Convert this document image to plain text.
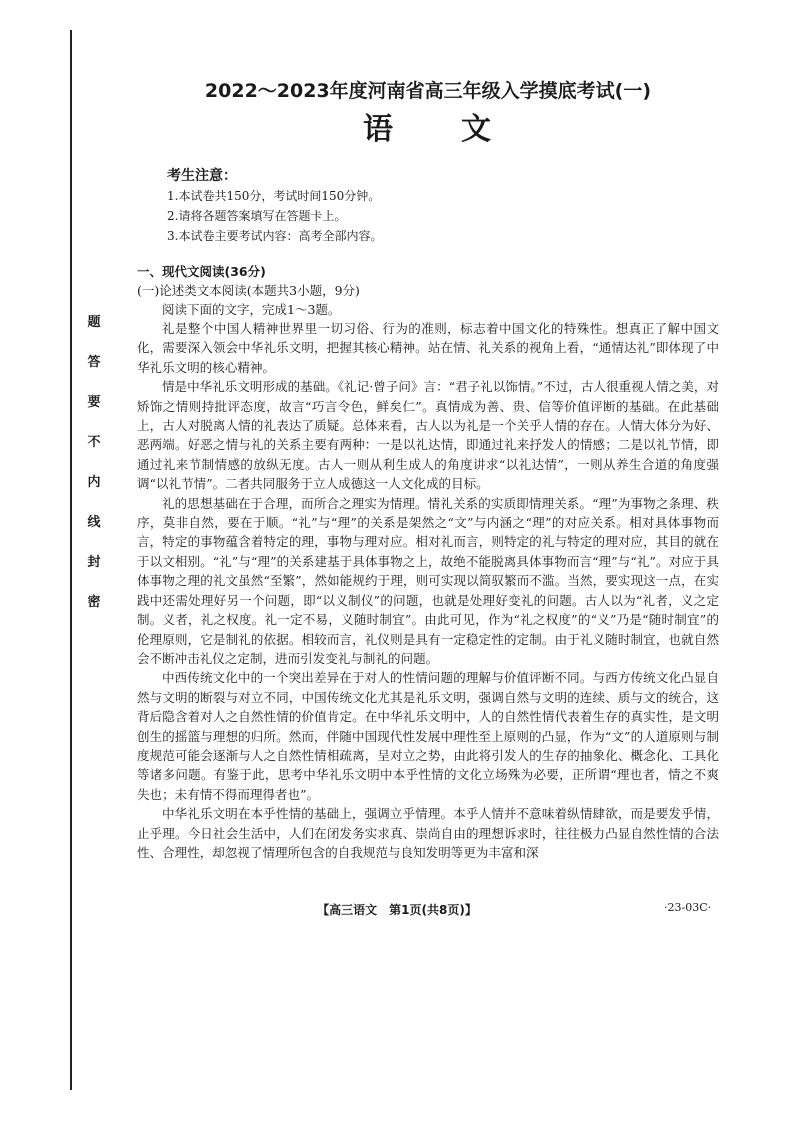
题
答
要
不
内
线
封
密
2022～2023年度河南省高三年级入学摸底考试(一)
语文
考生注意：
1.本试卷共150分，考试时间150分钟。
2.请将各题答案填写在答题卡上。
3.本试卷主要考试内容：高考全部内容。
一、现代文阅读(36分)
(一)论述类文本阅读(本题共3小题，9分)
阅读下面的文字，完成1～3题。

礼是整个中国人精神世界里一切习俗、行为的准则，标志着中国文化的特殊性。想真正了解中国文化，需要深入领会中华礼乐文明，把握其核心精神。站在情、礼关系的视角上看，“通情达礼”即体现了中华礼乐文明的核心精神。

情是中华礼乐文明形成的基础。《礼记·曾子问》言：“君子礼以饰情。”不过，古人很重视人情之美，对矫饰之情则持批评态度，故言“巧言令色，鲜矣仁”。真情成为善、贵、信等价值评断的基础。在此基础上，古人对脱离人情的礼表达了质疑。总体来看，古人以为礼是一个关乎人情的存在。人情大体分为好、恶两端。好恶之情与礼的关系主要有两种：一是以礼达情，即通过礼来抒发人的情感；二是以礼节情，即通过礼来节制情感的放纵无度。古人一则从利生成人的角度讲求“以礼达情”，一则从养生合道的角度强调“以礼节情”。二者共同服务于立人成德这一人文化成的目标。

礼的思想基础在于合理，而所合之理实为情理。情礼关系的实质即情理关系。“理”为事物之条理、秩序，莫非自然，要在于顺。“礼”与“理”的关系是架然之“文”与内涵之“理”的对应关系。相对具体事物而言，特定的事物蕴含着特定的理，事物与理对应。相对礼而言，则特定的礼与特定的理对应，其目的就在于以文相别。“礼”与“理”的关系建基于具体事物之上，故绝不能脱离具体事物而言“理”与“礼”。对应于具体事物之理的礼文虽然“至繁”，然如能规约于理，则可实现以简驭繁而不滥。当然，要实现这一点，在实践中还需处理好另一个问题，即“以义制仪”的问题，也就是处理好变礼的问题。古人以为“礼者，义之定制。义者，礼之权度。礼一定不易，义随时制宜”。由此可见，作为“礼之权度”的“义”乃是“随时制宜”的伦理原则，它是制礼的依据。相较而言，礼仪则是具有一定稳定性的定制。由于礼义随时制宜，也就自然会不断冲击礼仪之定制，进而引发变礼与制礼的问题。

中西传统文化中的一个突出差异在于对人的性情问题的理解与价值评断不同。与西方传统文化凸显自然与文明的断裂与对立不同，中国传统文化尤其是礼乐文明，强调自然与文明的连续、质与文的统合，这背后隐含着对人之自然性情的价值肯定。在中华礼乐文明中，人的自然性情代表着生存的真实性，是文明创生的摇篮与理想的归所。然而，伴随中国现代性发展中理性至上原则的凸显，作为“文”的人道原则与制度规范可能会逐渐与人之自然性情相疏离，呈对立之势，由此将引发人的生存的抽象化、概念化、工具化等诸多问题。有鉴于此，思考中华礼乐文明中本乎性情的文化立场殊为必要，正所谓“理也者，情之不爽失也；未有情不得而理得者也”。

中华礼乐文明在本乎性情的基础上，强调立乎情理。本乎人情并不意味着纵情肆欲，而是要发乎情，止乎理。今日社会生活中，人们在闭发务实求真、崇尚自由的理想诉求时，往往极力凸显自然性情的合法性、合理性，却忽视了情理所包含的自我规范与良知发明等更为丰富和深

【高三语文　第1页(共8页)】	·23-03C·
